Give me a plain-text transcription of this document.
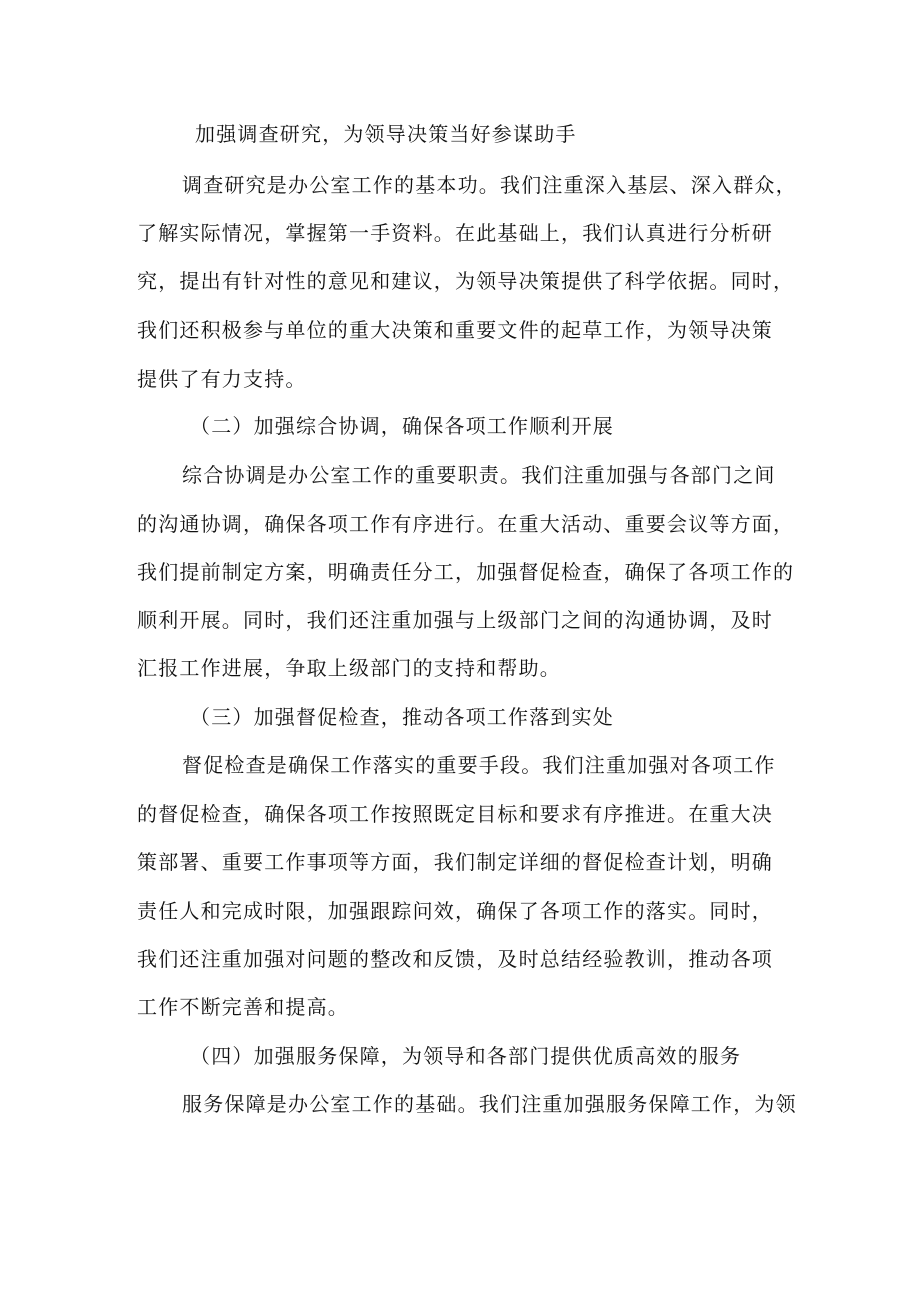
加强调查研究，为领导决策当好参谋助手
调查研究是办公室工作的基本功。我们注重深入基层、深入群众，
了解实际情况，掌握第一手资料。在此基础上，我们认真进行分析研
究，提出有针对性的意见和建议，为领导决策提供了科学依据。同时，
我们还积极参与单位的重大决策和重要文件的起草工作，为领导决策
提供了有力支持。
（二）加强综合协调，确保各项工作顺利开展
综合协调是办公室工作的重要职责。我们注重加强与各部门之间
的沟通协调，确保各项工作有序进行。在重大活动、重要会议等方面，
我们提前制定方案，明确责任分工，加强督促检查，确保了各项工作的
顺利开展。同时，我们还注重加强与上级部门之间的沟通协调，及时
汇报工作进展，争取上级部门的支持和帮助。
（三）加强督促检查，推动各项工作落到实处
督促检查是确保工作落实的重要手段。我们注重加强对各项工作
的督促检查，确保各项工作按照既定目标和要求有序推进。在重大决
策部署、重要工作事项等方面，我们制定详细的督促检查计划，明确
责任人和完成时限，加强跟踪问效，确保了各项工作的落实。同时，
我们还注重加强对问题的整改和反馈，及时总结经验教训，推动各项
工作不断完善和提高。
（四）加强服务保障，为领导和各部门提供优质高效的服务
服务保障是办公室工作的基础。我们注重加强服务保障工作，为领
